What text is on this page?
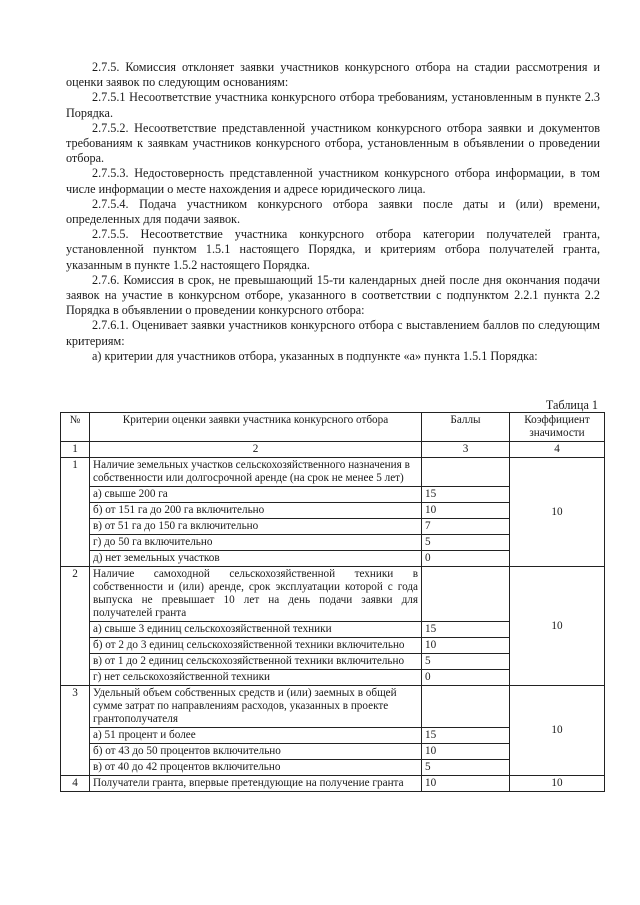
2.7.5. Комиссия отклоняет заявки участников конкурсного отбора на стадии рассмотрения и оценки заявок по следующим основаниям:

2.7.5.1 Несоответствие участника конкурсного отбора требованиям, установленным в пункте 2.3 Порядка.

2.7.5.2. Несоответствие представленной участником конкурсного отбора заявки и документов требованиям к заявкам участников конкурсного отбора, установленным в объявлении о проведении отбора.

2.7.5.3. Недостоверность представленной участником конкурсного отбора информации, в том числе информации о месте нахождения и адресе юридического лица.

2.7.5.4. Подача участником конкурсного отбора заявки после даты и (или) времени, определенных для подачи заявок.

2.7.5.5. Несоответствие участника конкурсного отбора категории получателей гранта, установленной пунктом 1.5.1 настоящего Порядка, и критериям отбора получателей гранта, указанным в пункте 1.5.2 настоящего Порядка.

2.7.6. Комиссия в срок, не превышающий 15-ти календарных дней после дня окончания подачи заявок на участие в конкурсном отборе, указанного в соответствии с подпунктом 2.2.1 пункта 2.2 Порядка в объявлении о проведении конкурсного отбора:

2.7.6.1. Оценивает заявки участников конкурсного отбора с выставлением баллов по следующим критериям:

а) критерии для участников отбора, указанных в подпункте «а» пункта 1.5.1 Порядка:

Таблица 1
№	Критерии оценки заявки участника конкурсного отбора	Баллы	Коэффициент значимости
1	2	3	4
1	Наличие земельных участков сельскохозяйственного назначения в собственности или долгосрочной аренде (на срок не менее 5 лет)		10
	а) свыше 200 га	15	
	б) от 151 га до 200 га включительно	10	
	в) от 51 га до 150 га включительно	7	
	г) до 50 га включительно	5	
	д) нет земельных участков	0	
2	Наличие самоходной сельскохозяйственной техники в собственности и (или) аренде, срок эксплуатации которой с года выпуска не превышает 10 лет на день подачи заявки для получателей гранта		10
	а) свыше 3 единиц сельскохозяйственной техники	15	
	б) от 2 до 3 единиц сельскохозяйственной техники включительно	10	
	в) от 1 до 2 единиц сельскохозяйственной техники включительно	5	
	г) нет сельскохозяйственной техники	0	
3	Удельный объем собственных средств и (или) заемных в общей сумме затрат по направлениям расходов, указанных в проекте грантополучателя		10
	а) 51 процент и более	15	
	б) от 43 до 50 процентов включительно	10	
	в) от 40 до 42 процентов включительно	5	
4	Получатели гранта, впервые претендующие на получение гранта	10	10
